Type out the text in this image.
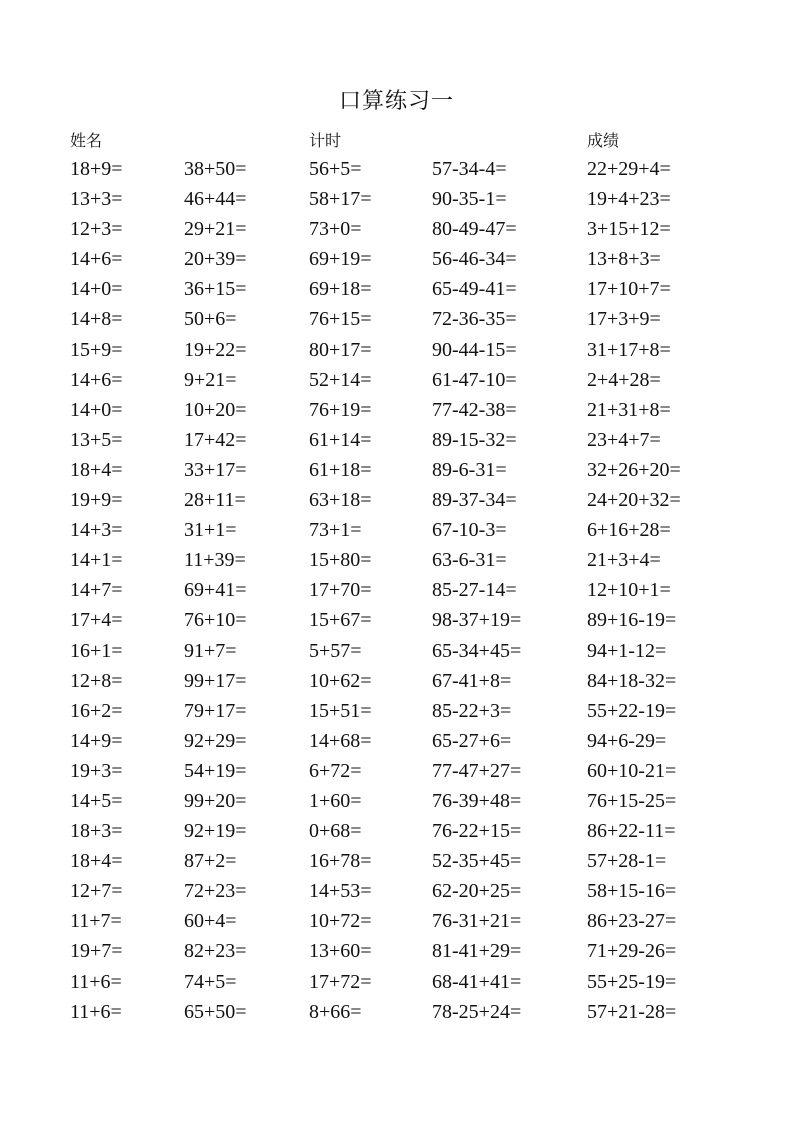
口算练习一
姓名	计时	成绩
18+9=	38+50=	56+5=	57-34-4=	22+29+4=
13+3=	46+44=	58+17=	90-35-1=	19+4+23=
12+3=	29+21=	73+0=	80-49-47=	3+15+12=
14+6=	20+39=	69+19=	56-46-34=	13+8+3=
14+0=	36+15=	69+18=	65-49-41=	17+10+7=
14+8=	50+6=	76+15=	72-36-35=	17+3+9=
15+9=	19+22=	80+17=	90-44-15=	31+17+8=
14+6=	9+21=	52+14=	61-47-10=	2+4+28=
14+0=	10+20=	76+19=	77-42-38=	21+31+8=
13+5=	17+42=	61+14=	89-15-32=	23+4+7=
18+4=	33+17=	61+18=	89-6-31=	32+26+20=
19+9=	28+11=	63+18=	89-37-34=	24+20+32=
14+3=	31+1=	73+1=	67-10-3=	6+16+28=
14+1=	11+39=	15+80=	63-6-31=	21+3+4=
14+7=	69+41=	17+70=	85-27-14=	12+10+1=
17+4=	76+10=	15+67=	98-37+19=	89+16-19=
16+1=	91+7=	5+57=	65-34+45=	94+1-12=
12+8=	99+17=	10+62=	67-41+8=	84+18-32=
16+2=	79+17=	15+51=	85-22+3=	55+22-19=
14+9=	92+29=	14+68=	65-27+6=	94+6-29=
19+3=	54+19=	6+72=	77-47+27=	60+10-21=
14+5=	99+20=	1+60=	76-39+48=	76+15-25=
18+3=	92+19=	0+68=	76-22+15=	86+22-11=
18+4=	87+2=	16+78=	52-35+45=	57+28-1=
12+7=	72+23=	14+53=	62-20+25=	58+15-16=
11+7=	60+4=	10+72=	76-31+21=	86+23-27=
19+7=	82+23=	13+60=	81-41+29=	71+29-26=
11+6=	74+5=	17+72=	68-41+41=	55+25-19=
11+6=	65+50=	8+66=	78-25+24=	57+21-28=
